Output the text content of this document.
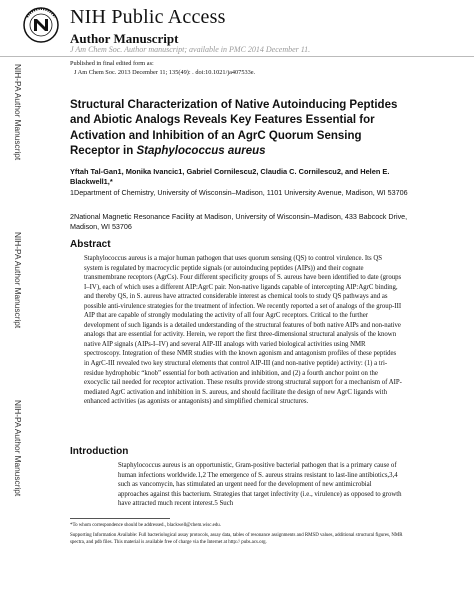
NIH Public Access
Author Manuscript
J Am Chem Soc. Author manuscript; available in PMC 2014 December 11.
Published in final edited form as:
J Am Chem Soc. 2013 December 11; 135(49): . doi:10.1021/ja407533e.
NIH-PA Author Manuscript
NIH-PA Author Manuscript
NIH-PA Author Manuscript
Structural Characterization of Native Autoinducing Peptides and Abiotic Analogs Reveals Key Features Essential for Activation and Inhibition of an AgrC Quorum Sensing Receptor in Staphylococcus aureus
Yftah Tal-Gan1, Monika Ivancic1, Gabriel Cornilescu2, Claudia C. Cornilescu2, and Helen E. Blackwell1,*
1Department of Chemistry, University of Wisconsin–Madison, 1101 University Avenue, Madison, WI 53706
2National Magnetic Resonance Facility at Madison, University of Wisconsin–Madison, 433 Babcock Drive, Madison, WI 53706
Abstract
Staphylococcus aureus is a major human pathogen that uses quorum sensing (QS) to control virulence. Its QS system is regulated by macrocyclic peptide signals (or autoinducing peptides (AIPs)) and their cognate transmembrane receptors (AgrCs). Four different specificity groups of S. aureus have been identified to date (groups I–IV), each of which uses a different AIP:AgrC pair. Non-native ligands capable of intercepting AIP:AgrC binding, and thereby QS, in S. aureus have attracted considerable interest as chemical tools to study QS pathways and as possible anti-virulence strategies for the treatment of infection. We recently reported a set of analogs of the group-III AIP that are capable of strongly modulating the activity of all four AgrC receptors. Critical to the further development of such ligands is a detailed understanding of the structural features of both native AIPs and non-native analogs that are essential for activity. Herein, we report the first three-dimensional structural analysis of the known native AIP signals (AIPs-I–IV) and several AIP-III analogs with varied biological activities using NMR spectroscopy. Integration of these NMR studies with the known agonism and antagonism profiles of these peptides in AgrC-III revealed two key structural elements that control AIP-III (and non-native peptide) activity: (1) a tri-residue hydrophobic “knob” essential for both activation and inhibition, and (2) a fourth anchor point on the exocyclic tail needed for receptor activation. These results provide strong structural support for a mechanism of AIP-mediated AgrC activation and inhibition in S. aureus, and should facilitate the design of new AgrC ligands with enhanced activities (as agonists or antagonists) and simplified chemical structures.
Introduction
Staphylococcus aureus is an opportunistic, Gram-positive bacterial pathogen that is a primary cause of human infections worldwide.1,2 The emergence of S. aureus strains resistant to last-line antibiotics,3,4 such as vancomycin, has stimulated an urgent need for the development of new antimicrobial approaches against this bacterium. Strategies that target infectivity (i.e., virulence) as opposed to growth have attracted much recent interest.5 Such
*To whom correspondence should be addressed., blackwell@chem.wisc.edu.
Supporting Information Available: Full bacteriological assay protocols, assay data, tables of resonance assignments and RMSD values, additional structural figures, NMR spectra, and pdb files. This material is available free of charge via the Internet at http:// pubs.acs.org.
